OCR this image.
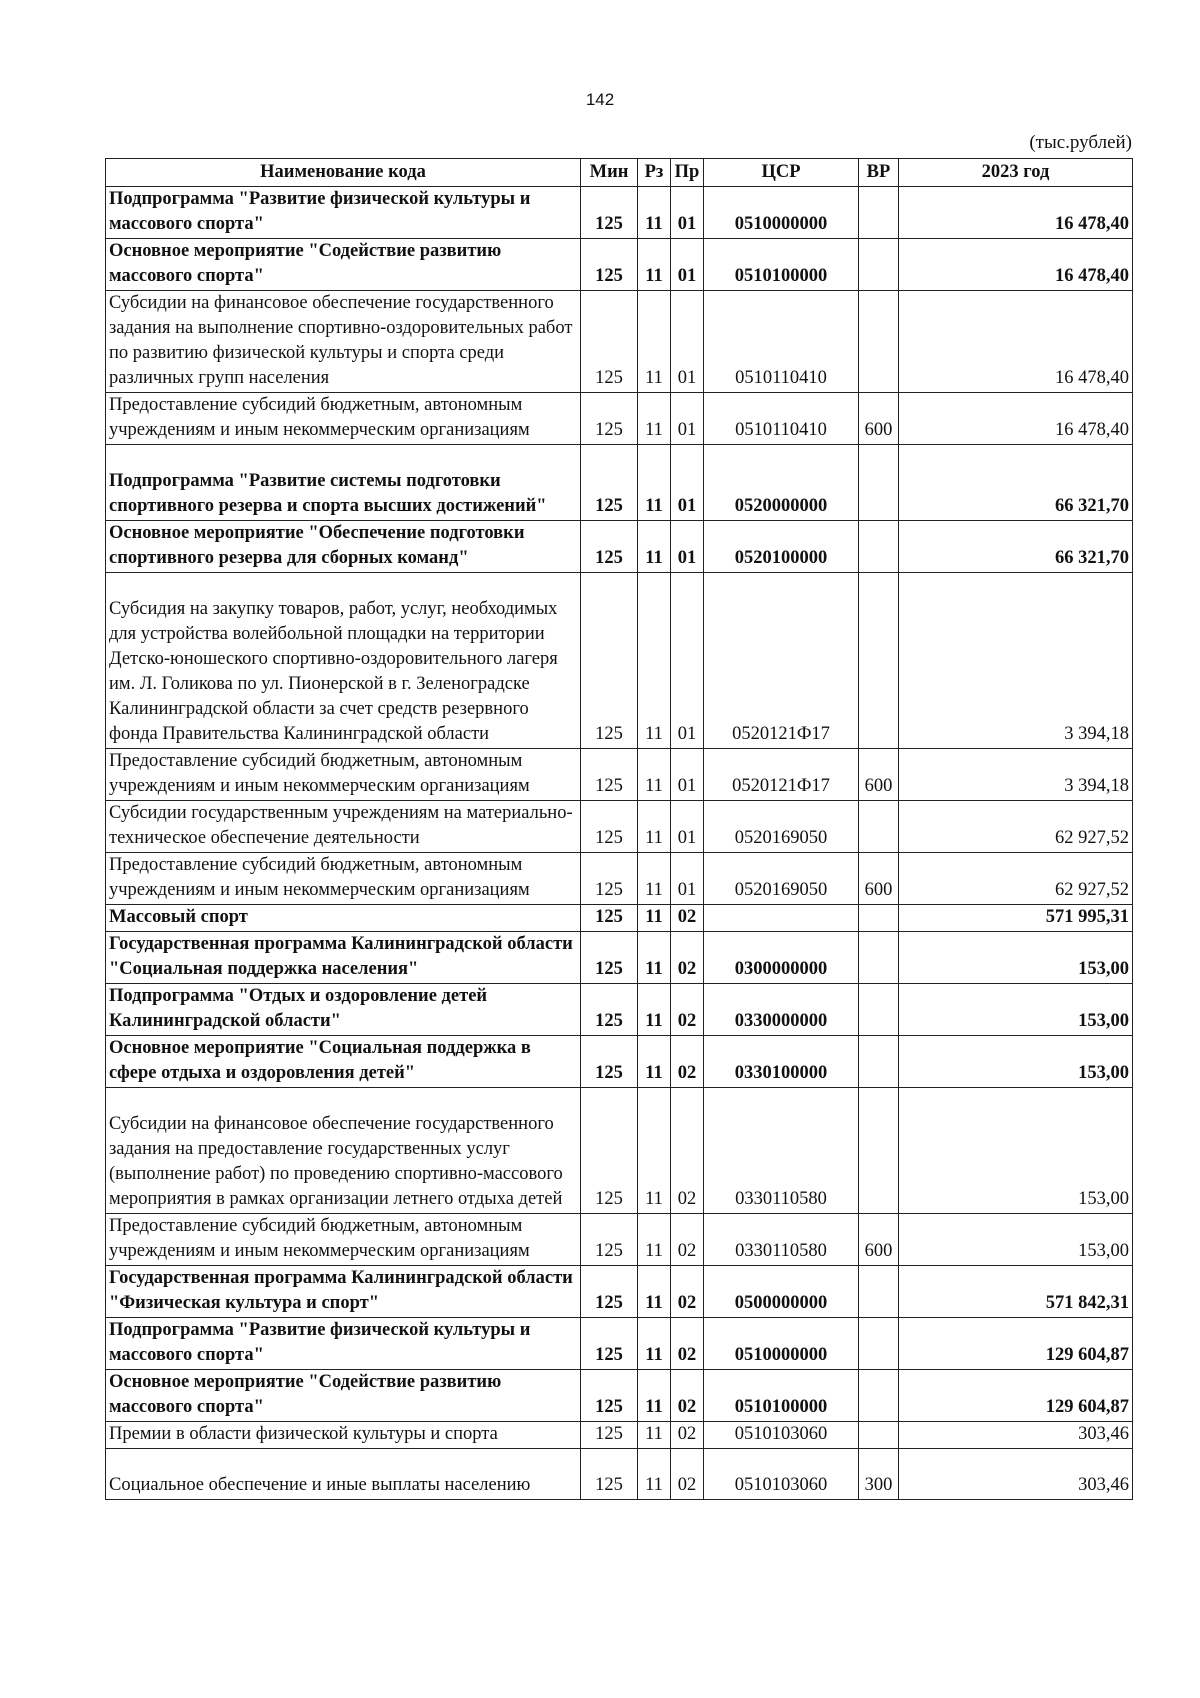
142
(тыс.рублей)
Наименование кода	Мин	Рз	Пр	ЦСР	ВР	2023 год
Подпрограмма "Развитие физической культуры и массового спорта"	125	11	01	0510000000		16 478,40
Основное мероприятие "Содействие развитию массового спорта"	125	11	01	0510100000		16 478,40
Субсидии на финансовое обеспечение государственного задания на выполнение спортивно-оздоровительных работ по развитию физической культуры и спорта среди различных групп населения	125	11	01	0510110410		16 478,40
Предоставление субсидий бюджетным, автономным учреждениям и иным некоммерческим организациям	125	11	01	0510110410	600	16 478,40
Подпрограмма "Развитие системы подготовки спортивного резерва и спорта высших достижений"	125	11	01	0520000000		66 321,70
Основное мероприятие "Обеспечение подготовки спортивного резерва для сборных команд"	125	11	01	0520100000		66 321,70
Субсидия на закупку товаров, работ, услуг, необходимых для устройства волейбольной площадки на территории Детско-юношеского спортивно-оздоровительного лагеря им. Л. Голикова по ул. Пионерской в г. Зеленоградске Калининградской области за счет средств резервного фонда Правительства Калининградской области	125	11	01	0520121Ф17		3 394,18
Предоставление субсидий бюджетным, автономным учреждениям и иным некоммерческим организациям	125	11	01	0520121Ф17	600	3 394,18
Субсидии государственным учреждениям на материально-техническое обеспечение деятельности	125	11	01	0520169050		62 927,52
Предоставление субсидий бюджетным, автономным учреждениям и иным некоммерческим организациям	125	11	01	0520169050	600	62 927,52
Массовый спорт	125	11	02			571 995,31
Государственная программа Калининградской области "Социальная поддержка населения"	125	11	02	0300000000		153,00
Подпрограмма "Отдых и оздоровление детей Калининградской области"	125	11	02	0330000000		153,00
Основное мероприятие "Социальная поддержка в сфере отдыха и оздоровления детей"	125	11	02	0330100000		153,00
Субсидии на финансовое обеспечение государственного задания на предоставление государственных услуг (выполнение работ) по проведению спортивно-массового мероприятия в рамках организации летнего отдыха детей	125	11	02	0330110580		153,00
Предоставление субсидий бюджетным, автономным учреждениям и иным некоммерческим организациям	125	11	02	0330110580	600	153,00
Государственная программа Калининградской области "Физическая культура и спорт"	125	11	02	0500000000		571 842,31
Подпрограмма "Развитие физической культуры и массового спорта"	125	11	02	0510000000		129 604,87
Основное мероприятие "Содействие развитию массового спорта"	125	11	02	0510100000		129 604,87
Премии в области физической культуры и спорта	125	11	02	0510103060		303,46
Социальное обеспечение и иные выплаты населению	125	11	02	0510103060	300	303,46
